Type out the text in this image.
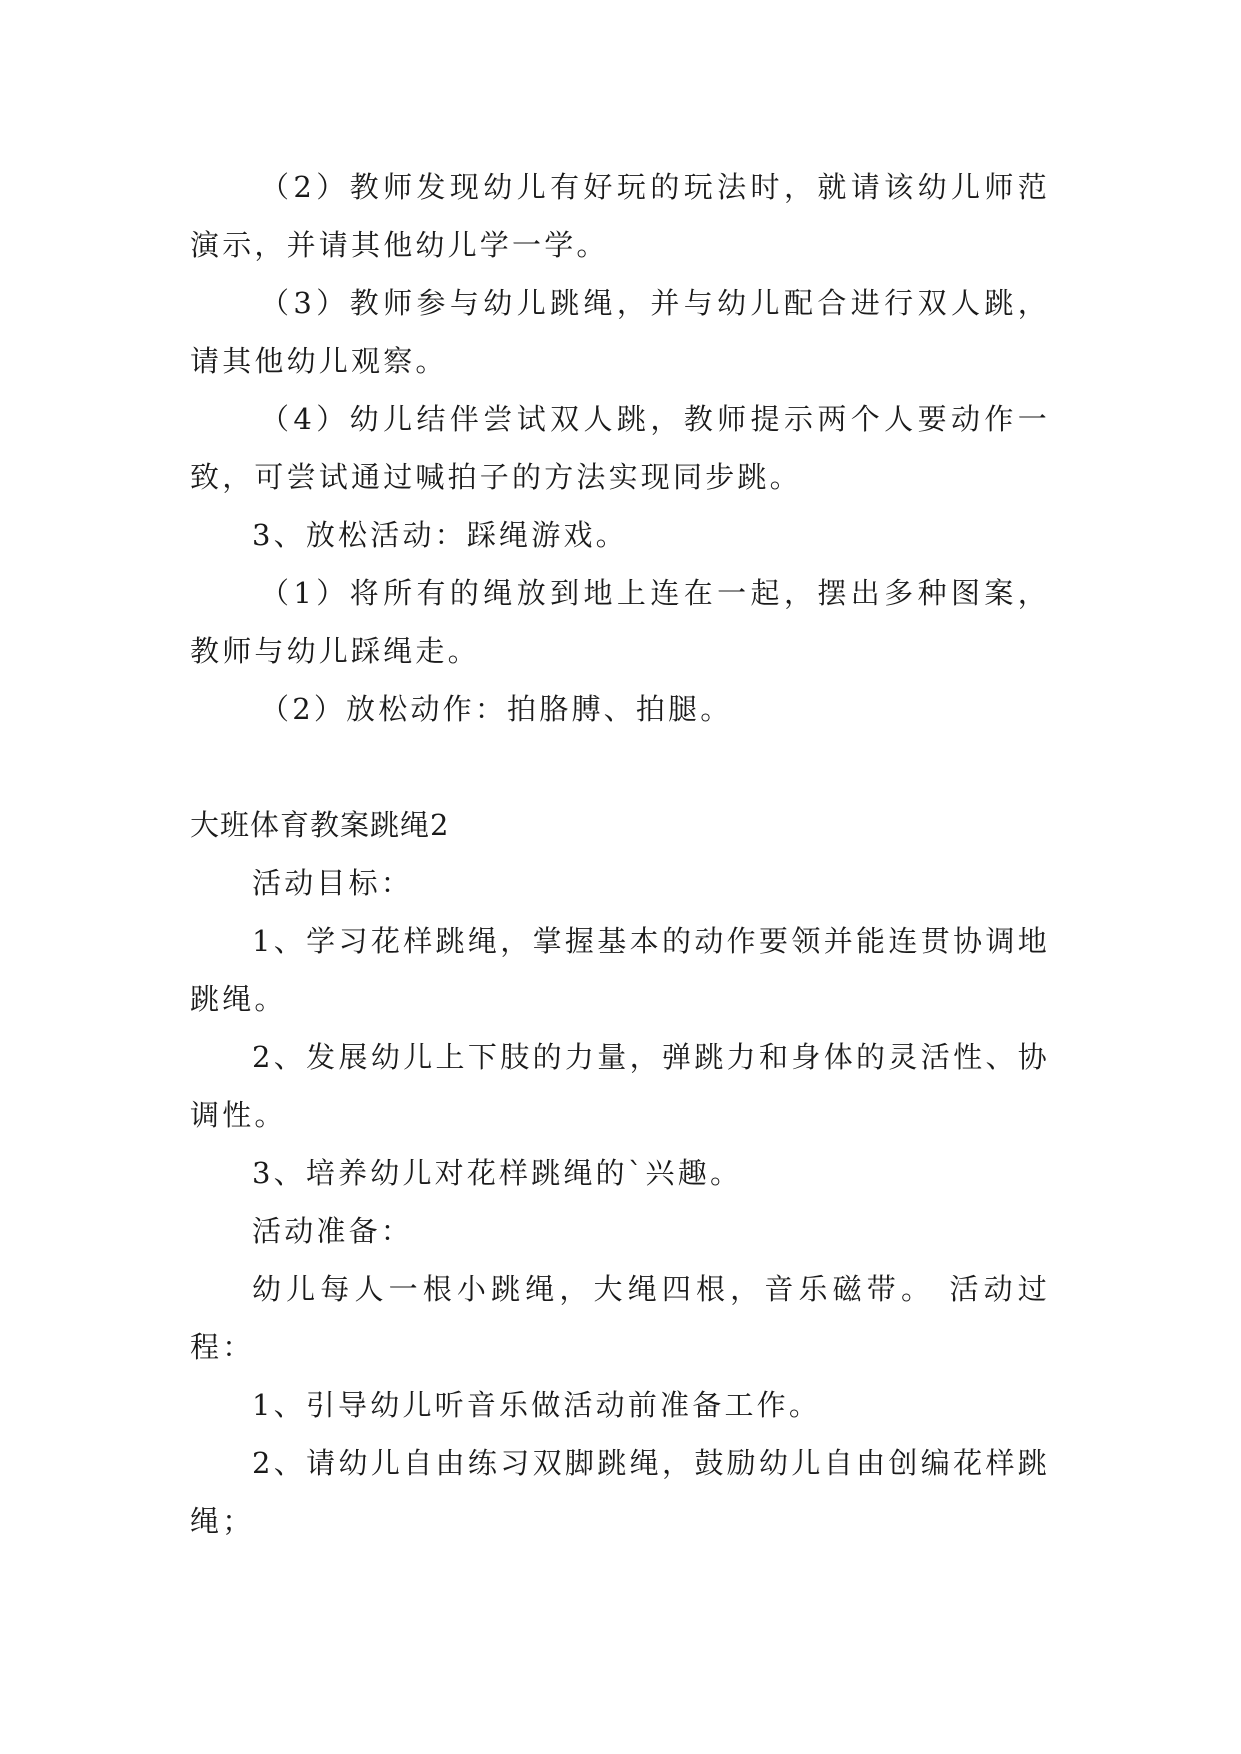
（2）教师发现幼儿有好玩的玩法时，就请该幼儿师范演示，并请其他幼儿学一学。

（3）教师参与幼儿跳绳，并与幼儿配合进行双人跳，请其他幼儿观察。

（4）幼儿结伴尝试双人跳，教师提示两个人要动作一致，可尝试通过喊拍子的方法实现同步跳。

3、放松活动：踩绳游戏。

（1）将所有的绳放到地上连在一起，摆出多种图案，教师与幼儿踩绳走。

（2）放松动作：拍胳膊、拍腿。

大班体育教案跳绳2

活动目标：

1、学习花样跳绳，掌握基本的动作要领并能连贯协调地跳绳。

2、发展幼儿上下肢的力量，弹跳力和身体的灵活性、协调性。

3、培养幼儿对花样跳绳的`兴趣。

活动准备：

幼儿每人一根小跳绳，大绳四根，音乐磁带。 活动过程：

1、引导幼儿听音乐做活动前准备工作。

2、请幼儿自由练习双脚跳绳，鼓励幼儿自由创编花样跳绳；
